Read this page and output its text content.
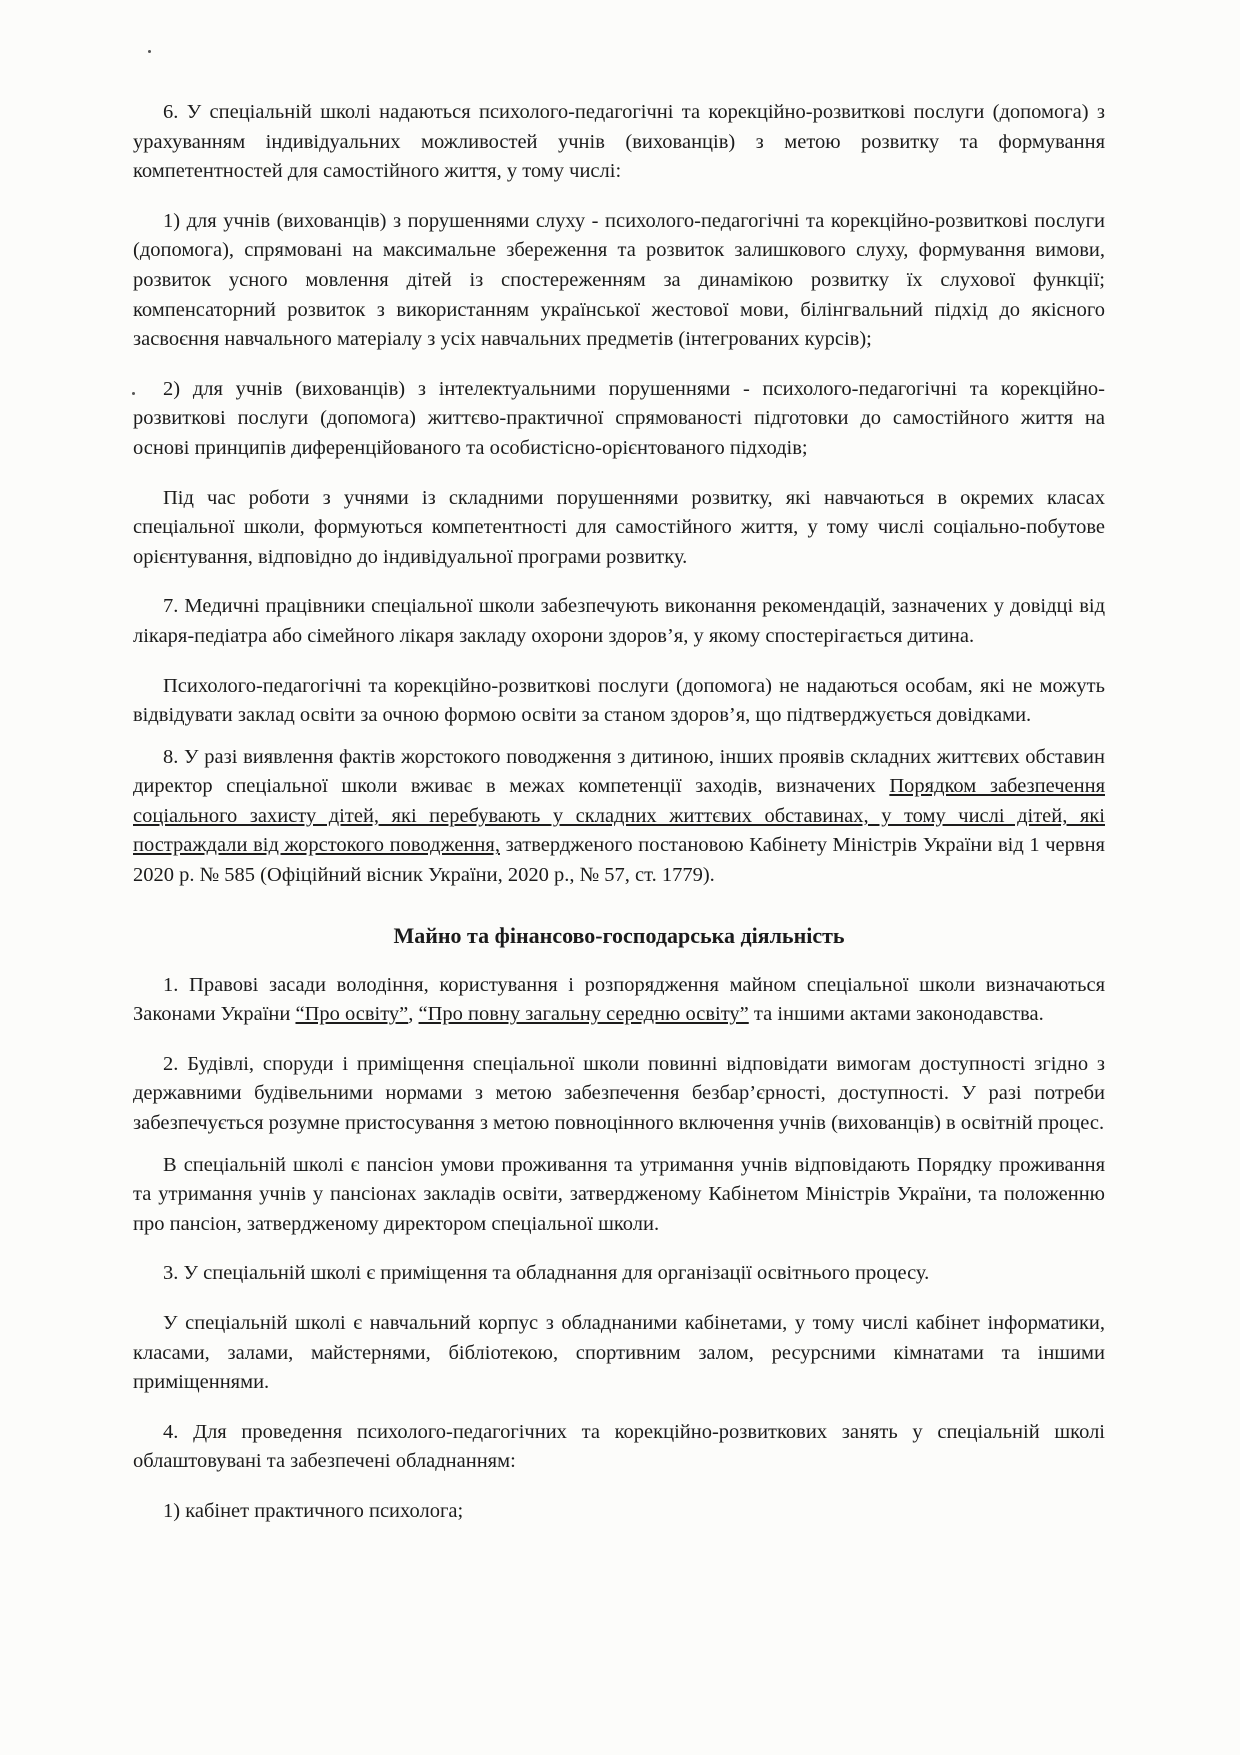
6. У спеціальній школі надаються психолого-педагогічні та корекційно-розвиткові послуги (допомога) з урахуванням індивідуальних можливостей учнів (вихованців) з метою розвитку та формування компетентностей для самостійного життя, у тому числі:

1) для учнів (вихованців) з порушеннями слуху - психолого-педагогічні та корекційно-розвиткові послуги (допомога), спрямовані на максимальне збереження та розвиток залишкового слуху, формування вимови, розвиток усного мовлення дітей із спостереженням за динамікою розвитку їх слухової функції; компенсаторний розвиток з використанням української жестової мови, білінгвальний підхід до якісного засвоєння навчального матеріалу з усіх навчальних предметів (інтегрованих курсів);

2) для учнів (вихованців) з інтелектуальними порушеннями - психолого-педагогічні та корекційно-розвиткові послуги (допомога) життєво-практичної спрямованості підготовки до самостійного життя на основі принципів диференційованого та особистісно-орієнтованого підходів;

Під час роботи з учнями із складними порушеннями розвитку, які навчаються в окремих класах спеціальної школи, формуються компетентності для самостійного життя, у тому числі соціально-побутове орієнтування, відповідно до індивідуальної програми розвитку.

7. Медичні працівники спеціальної школи забезпечують виконання рекомендацій, зазначених у довідці від лікаря-педіатра або сімейного лікаря закладу охорони здоров’я, у якому спостерігається дитина.

Психолого-педагогічні та корекційно-розвиткові послуги (допомога) не надаються особам, які не можуть відвідувати заклад освіти за очною формою освіти за станом здоров’я, що підтверджується довідками.

8. У разі виявлення фактів жорстокого поводження з дитиною, інших проявів складних життєвих обставин директор спеціальної школи вживає в межах компетенції заходів, визначених Порядком забезпечення соціального захисту дітей, які перебувають у складних життєвих обставинах, у тому числі дітей, які постраждали від жорстокого поводження, затвердженого постановою Кабінету Міністрів України від 1 червня 2020 р. № 585 (Офіційний вісник України, 2020 р., № 57, ст. 1779).

Майно та фінансово-господарська діяльність

1. Правові засади володіння, користування і розпорядження майном спеціальної школи визначаються Законами України “Про освіту”, “Про повну загальну середню освіту” та іншими актами законодавства.

2. Будівлі, споруди і приміщення спеціальної школи повинні відповідати вимогам доступності згідно з державними будівельними нормами з метою забезпечення безбар’єрності, доступності. У разі потреби забезпечується розумне пристосування з метою повноцінного включення учнів (вихованців) в освітній процес.

В спеціальній школі є пансіон умови проживання та утримання учнів відповідають Порядку проживання та утримання учнів у пансіонах закладів освіти, затвердженому Кабінетом Міністрів України, та положенню про пансіон, затвердженому директором спеціальної школи.

3. У спеціальній школі є приміщення та обладнання для організації освітнього процесу.

У спеціальній школі є навчальний корпус з обладнаними кабінетами, у тому числі кабінет інформатики, класами, залами, майстернями, бібліотекою, спортивним залом, ресурсними кімнатами та іншими приміщеннями.

4. Для проведення психолого-педагогічних та корекційно-розвиткових занять у спеціальній школі облаштовувані та забезпечені обладнанням:

1) кабінет практичного психолога;
